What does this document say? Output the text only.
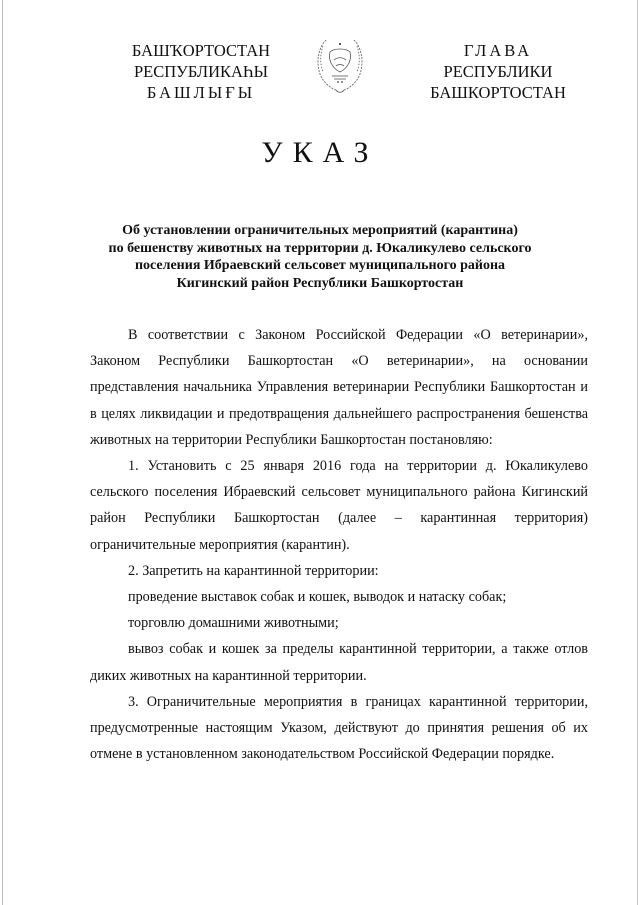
БАШҠОРТОСТАН
РЕСПУБЛИКАҺЫ
БАШЛЫҒЫ
ГЛАВА
РЕСПУБЛИКИ
БАШКОРТОСТАН
УКАЗ
Об установлении ограничительных мероприятий (карантина)
по бешенству животных на территории д. Юкаликулево сельского
поселения Ибраевский сельсовет муниципального района
Кигинский район Республики Башкортостан

В соответствии с Законом Российской Федерации «О ветеринарии», Законом Республики Башкортостан «О ветеринарии», на основании представления начальника Управления ветеринарии Республики Башкортостан и в целях ликвидации и предотвращения дальнейшего распространения бешенства животных на территории Республики Башкортостан постановляю:

1. Установить с 25 января 2016 года на территории д. Юкаликулево сельского поселения Ибраевский сельсовет муниципального района Кигинский район Республики Башкортостан (далее – карантинная территория) ограничительные мероприятия (карантин).

2. Запретить на карантинной территории:

проведение выставок собак и кошек, выводок и натаску собак;

торговлю домашними животными;

вывоз собак и кошек за пределы карантинной территории, а также отлов диких животных на карантинной территории.

3. Ограничительные мероприятия в границах карантинной территории, предусмотренные настоящим Указом, действуют до принятия решения об их отмене в установленном законодательством Российской Федерации порядке.
